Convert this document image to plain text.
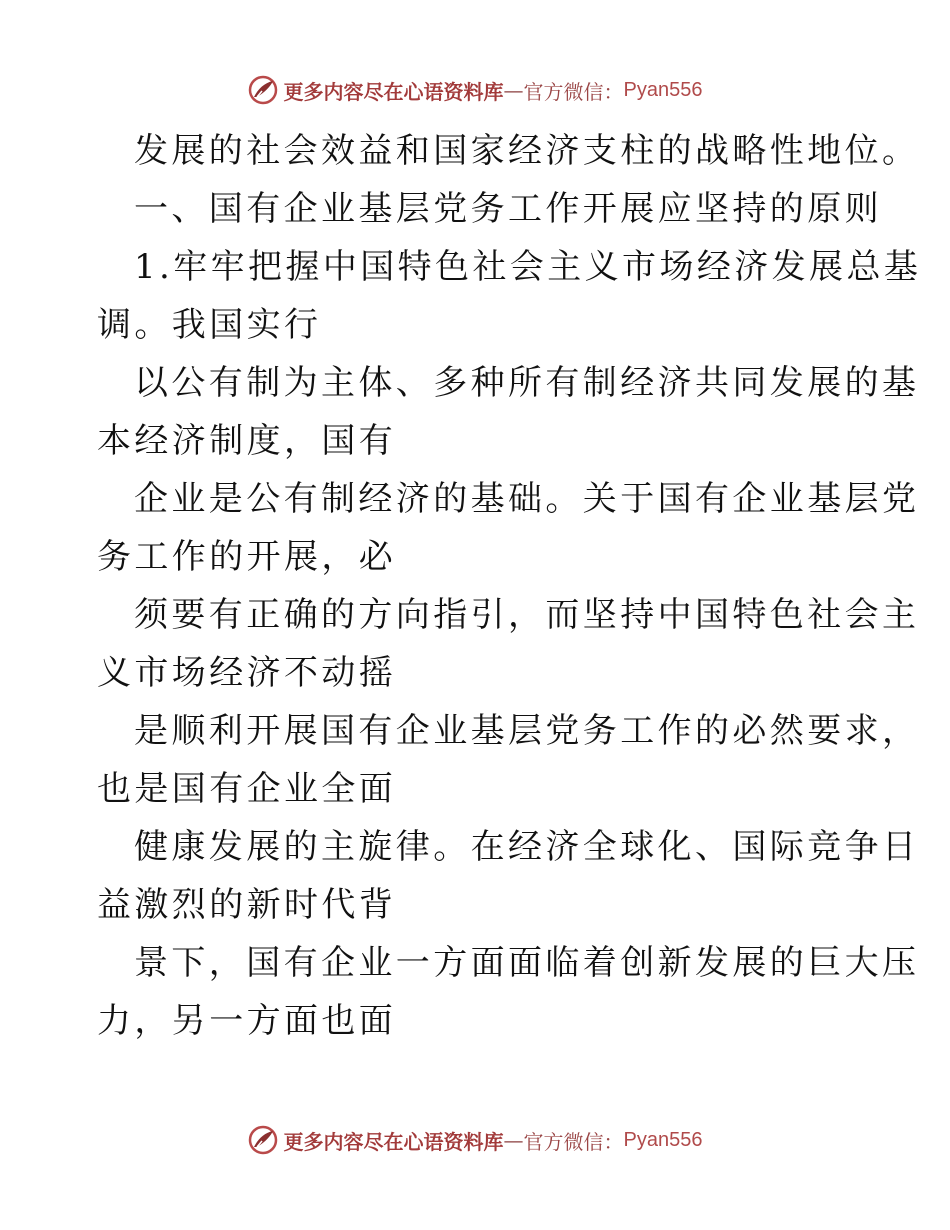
更多内容尽在心语资料库 — 官方微信： Pyan556
发展的社会效益和国家经济支柱的战略性地位。
一、国有企业基层党务工作开展应坚持的原则
1.牢牢把握中国特色社会主义市场经济发展总基
调。我国实行
以公有制为主体、多种所有制经济共同发展的基
本经济制度，国有
企业是公有制经济的基础。关于国有企业基层党
务工作的开展，必
须要有正确的方向指引，而坚持中国特色社会主
义市场经济不动摇
是顺利开展国有企业基层党务工作的必然要求，
也是国有企业全面
健康发展的主旋律。在经济全球化、国际竞争日
益激烈的新时代背
景下，国有企业一方面面临着创新发展的巨大压
力，另一方面也面
更多内容尽在心语资料库 — 官方微信： Pyan556
